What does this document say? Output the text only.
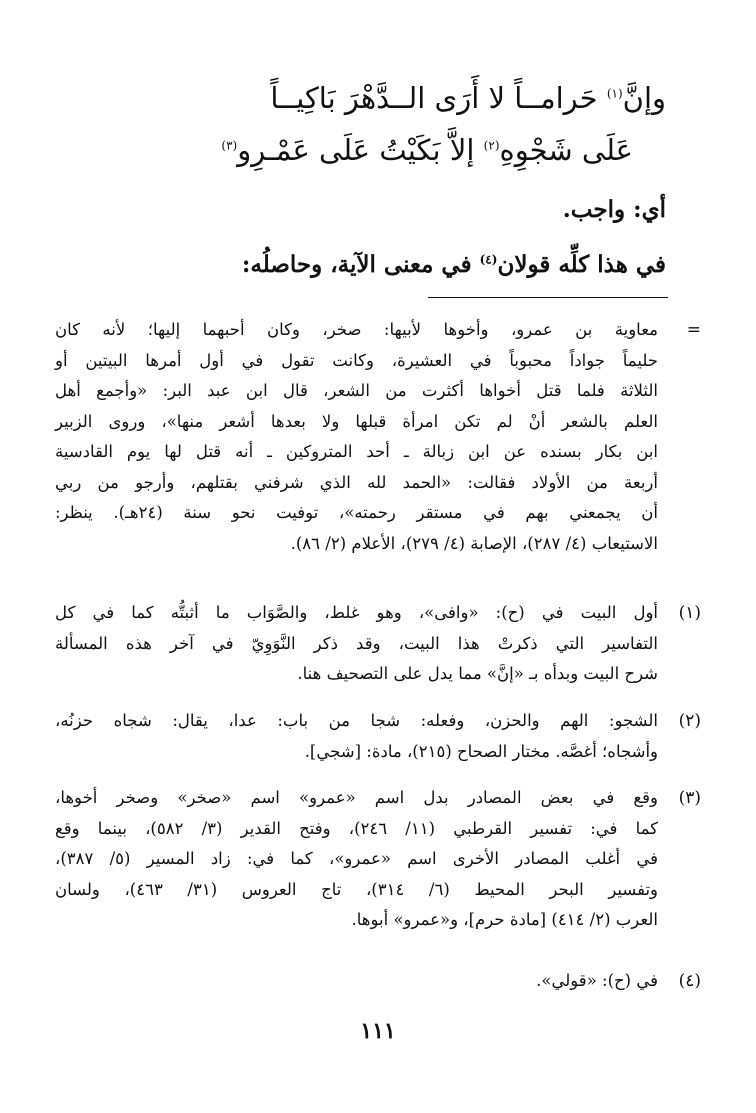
وإنَّ$^{(١)}$ حَرامــاً لا أَرَى الــدَّهْرَ بَاكِيــاً
عَلَى شَجْوِهِ$^{(٢)}$ إلاَّ بَكَيْتُ عَلَى عَمْـرِو$^{(٣)}$
أي: واجب.
في هذا كلِّه قولان$^{(٤)}$ في معنى الآية، وحاصلُه:
=
معاوية بن عمرو، وأخوها لأبيها: صخر، وكان أحبهما إليها؛ لأنه كان
حليماً جواداً محبوباً في العشيرة، وكانت تقول في أول أمرها البيتين أو
الثلاثة فلما قتل أخواها أكثرت من الشعر، قال ابن عبد البر: «وأجمع أهل
العلم بالشعر أنْ لم تكن امرأة قبلها ولا بعدها أشعر منها»، وروى الزبير
ابن بكار بسنده عن ابن زبالة ـ أحد المتروكين ـ أنه قتل لها يوم القادسية
أربعة من الأولاد فقالت: «الحمد لله الذي شرفني بقتلهم، وأرجو من ربي
أن يجمعني بهم في مستقر رحمته»، توفيت نحو سنة (٢٤هـ). ينظر:
الاستيعاب (٤/ ٢٨٧)، الإصابة (٤/ ٢٧٩)، الأعلام (٢/ ٨٦).
(١)
أول البيت في (ح): «وافى»، وهو غلط، والصَّوَاب ما أثبتُّه كما في كل
التفاسير التي ذكرتْ هذا البيت، وقد ذكر النَّوَوِيّ في آخر هذه المسألة
شرح البيت وبدأه بـ «إنَّ» مما يدل على التصحيف هنا.
(٢)
الشجو: الهم والحزن، وفعله: شجا من باب: عدا، يقال: شجاه حزنُه،
وأشجاه؛ أغصَّه. مختار الصحاح (٢١٥)، مادة: [شجي].
(٣)
وقع في بعض المصادر بدل اسم «عمرو» اسم «صخر» وصخر أخوها،
كما في: تفسير القرطبي (١١/ ٢٤٦)، وفتح القدير (٣/ ٥٨٢)، بينما وقع
في أغلب المصادر الأخرى اسم «عمرو»، كما في: زاد المسير (٥/ ٣٨٧)،
وتفسير البحر المحيط (٦/ ٣١٤)، تاج العروس (٣١/ ٤٦٣)، ولسان
العرب (٢/ ٤١٤) [مادة حرم]، و«عمرو» أبوها.
(٤)
في (ح): «قولي».
١١١
